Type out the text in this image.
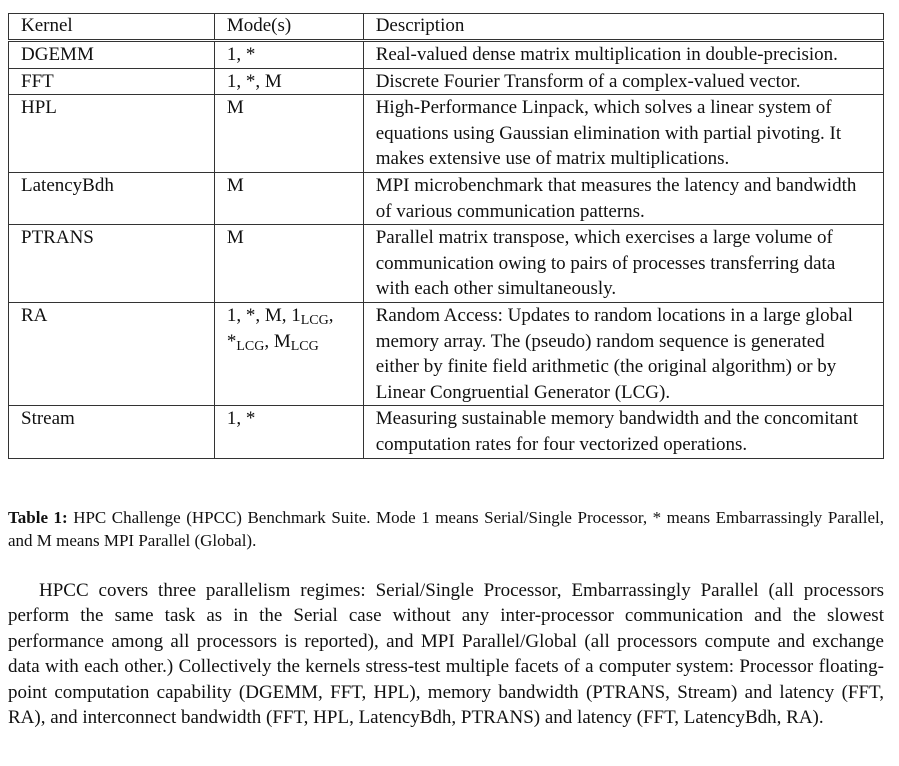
Kernel	Mode(s)	Description
DGEMM	1, *	Real-valued dense matrix multiplication in double-precision.
FFT	1, *, M	Discrete Fourier Transform of a complex-valued vector.
HPL	M	High-Performance Linpack, which solves a linear system of equations using Gaussian elimination with partial pivoting. It makes extensive use of matrix multiplications.
LatencyBdh	M	MPI microbenchmark that measures the latency and bandwidth of various communication patterns.
PTRANS	M	Parallel matrix transpose, which exercises a large volume of communication owing to pairs of processes transferring data with each other simultaneously.
RA	1, *, M, $1_{LCG}$, $*_{LCG}$, $M_{LCG}$	Random Access: Updates to random locations in a large global memory array. The (pseudo) random sequence is generated either by finite field arithmetic (the original algorithm) or by Linear Congruential Generator (LCG).
Stream	1, *	Measuring sustainable memory bandwidth and the concomitant computation rates for four vectorized operations.
Table 1: HPC Challenge (HPCC) Benchmark Suite. Mode 1 means Serial/Single Processor, * means Embarrassingly Parallel, and M means MPI Parallel (Global).

HPCC covers three parallelism regimes: Serial/Single Processor, Embarrassingly Parallel (all processors perform the same task as in the Serial case without any inter-processor communication and the slowest performance among all processors is reported), and MPI Parallel/Global (all processors compute and exchange data with each other.) Collectively the kernels stress-test multiple facets of a computer system: Processor floating-point computation capability (DGEMM, FFT, HPL), memory bandwidth (PTRANS, Stream) and latency (FFT, RA), and interconnect bandwidth (FFT, HPL, LatencyBdh, PTRANS) and latency (FFT, LatencyBdh, RA).
